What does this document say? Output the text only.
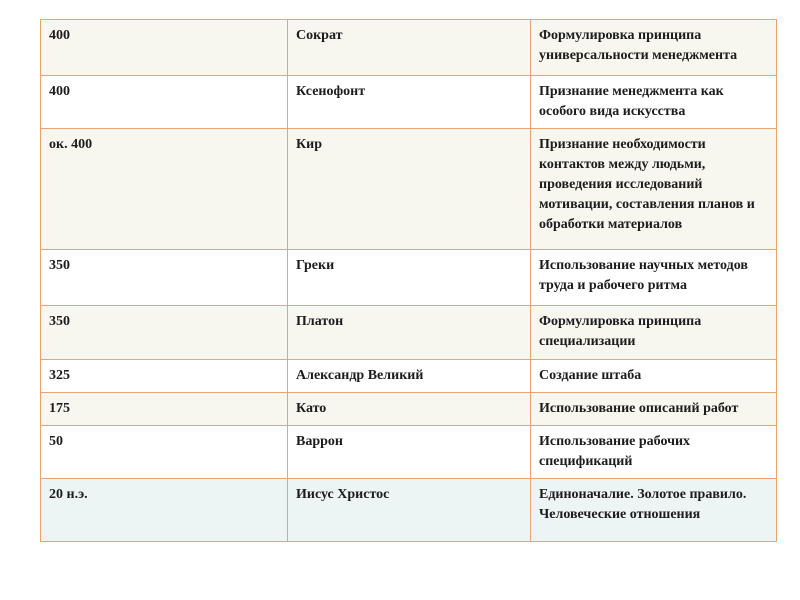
400	Сократ	Формулировка принципа универсальности менеджмента
400	Ксенофонт	Признание менеджмента как особого вида искусства
ок. 400	Кир	Признание необходимости контактов между людьми, проведения исследований мотивации, составления планов и обработки материалов
350	Греки	Использование научных методов труда и рабочего ритма
350	Платон	Формулировка принципа специализации
325	Александр Великий	Создание штаба
175	Като	Использование описаний работ
50	Варрон	Использование рабочих спецификаций
20 н.э.	Иисус Христос	Единоначалие. Золотое правило. Человеческие отношения
